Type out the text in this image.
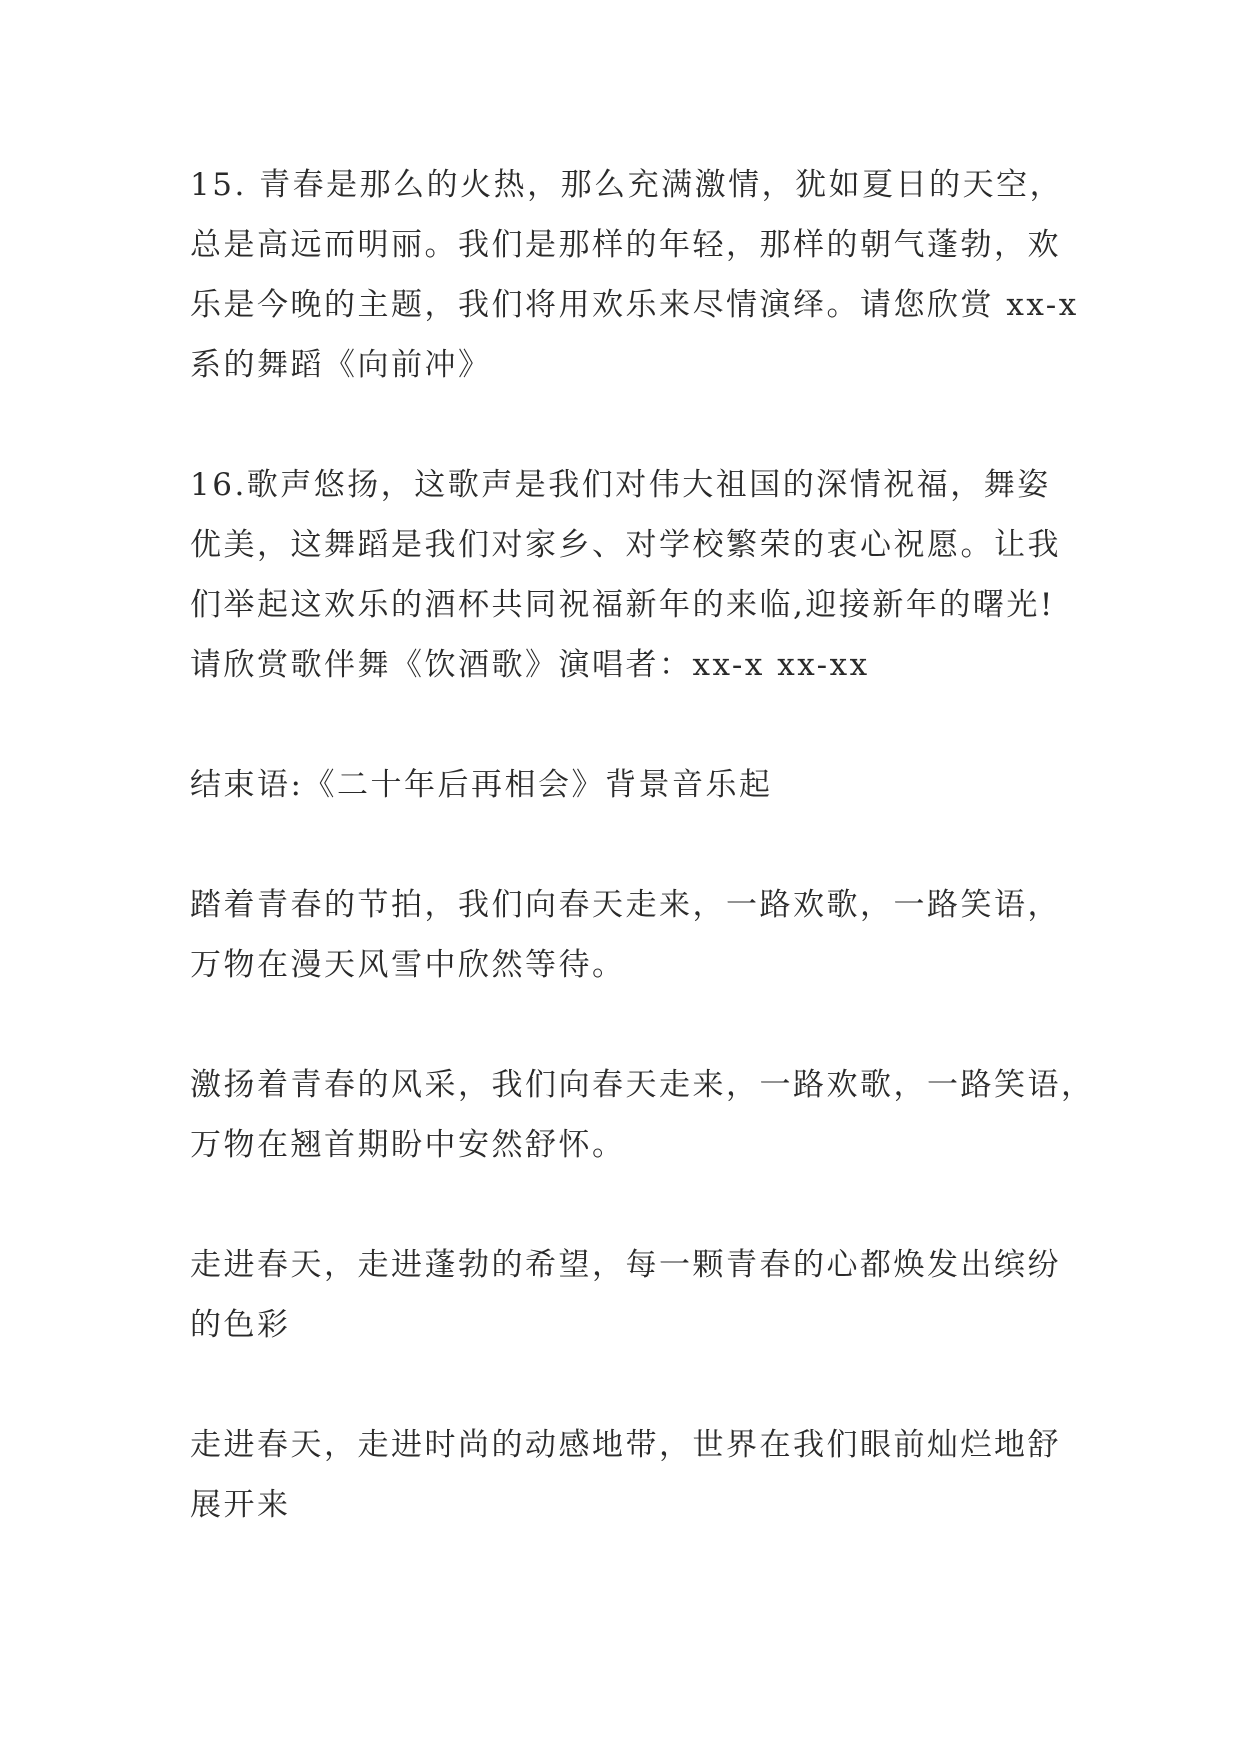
15. 青春是那么的火热，那么充满激情，犹如夏日的天空，
总是高远而明丽。我们是那样的年轻，那样的朝气蓬勃，欢
乐是今晚的主题，我们将用欢乐来尽情演绎。请您欣赏 xx-x
系的舞蹈《向前冲》
16.歌声悠扬，这歌声是我们对伟大祖国的深情祝福，舞姿
优美，这舞蹈是我们对家乡、对学校繁荣的衷心祝愿。让我
们举起这欢乐的酒杯共同祝福新年的来临,迎接新年的曙光!
请欣赏歌伴舞《饮酒歌》演唱者：xx-x xx-xx
结束语:《二十年后再相会》背景音乐起
踏着青春的节拍，我们向春天走来，一路欢歌，一路笑语，
万物在漫天风雪中欣然等待。
激扬着青春的风采，我们向春天走来，一路欢歌，一路笑语，
万物在翘首期盼中安然舒怀。
走进春天，走进蓬勃的希望，每一颗青春的心都焕发出缤纷
的色彩
走进春天，走进时尚的动感地带，世界在我们眼前灿烂地舒
展开来
